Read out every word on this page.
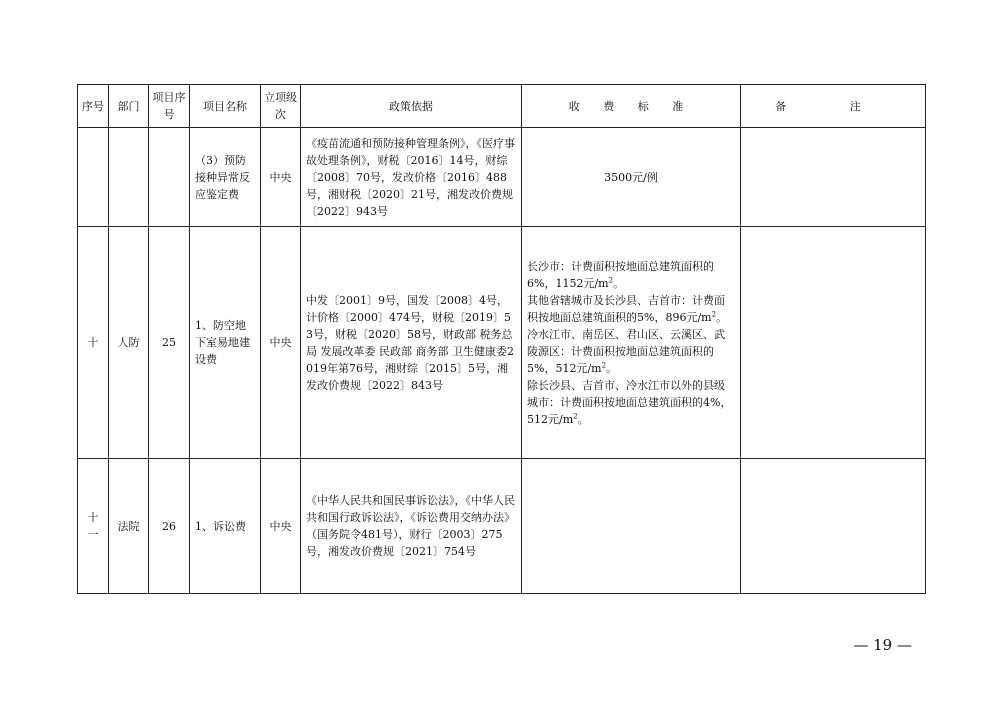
序号	部门	项目序号	项目名称	立项级次	政策依据	收 费 标 准	备 注
			（3）预防接种异常反应鉴定费	中央	《疫苗流通和预防接种管理条例》，《医疗事故处理条例》，财税〔2016〕14号，财综〔2008〕70号，发改价格〔2016〕488号，湘财税〔2020〕21号，湘发改价费规〔2022〕943号	3500元/例	

十	人防	25	1、防空地下室易地建设费	中央	中发〔2001〕9号，国发〔2008〕4号，计价格〔2000〕474号，财税〔2019〕53号，财税〔2020〕58号，财政部 税务总局 发展改革委 民政部 商务部 卫生健康委2019年第76号，湘财综〔2015〕5号，湘发改价费规〔2022〕843号	长沙市：计费面积按地面总建筑面积的6%，1152元$/m^2$。
其他省辖城市及长沙县、吉首市：计费面积按地面总建筑面积的5%，896元$/m^2$。
冷水江市、南岳区、君山区、云溪区、武陵源区：计费面积按地面总建筑面积的5%，512元$/m^2$。
除长沙县、吉首市、冷水江市以外的县级城市：计费面积按地面总建筑面积的4%，512元$/m^2$。	

十一	法院	26	1、诉讼费	中央	《中华人民共和国民事诉讼法》，《中华人民共和国行政诉讼法》，《诉讼费用交纳办法》（国务院令481号），财行〔2003〕275号，湘发改价费规〔2021〕754号		
— 19 —
